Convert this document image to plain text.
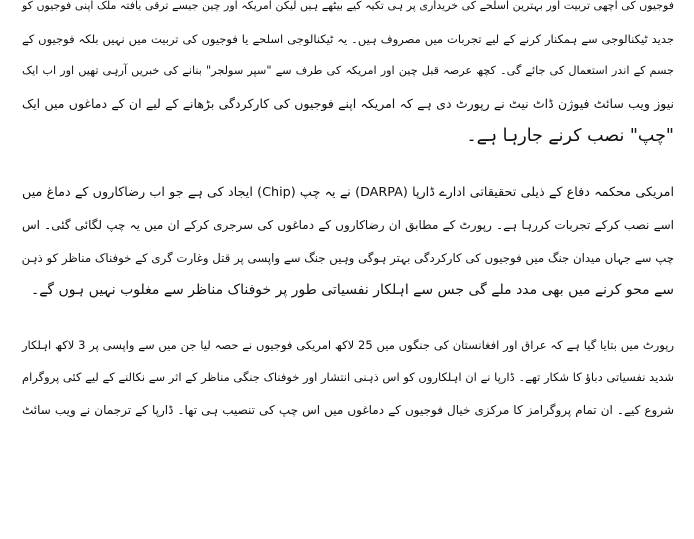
فوجیوں کی اچھی تربیت اور بہترین اسلحے کی خریداری پر ہی تکیہ کیے بیٹھے ہیں لیکن امریکہ اور چین جیسے ترقی یافتہ ملک اپنی فوجیوں کو
جدید ٹیکنالوجی سے ہمکنار کرنے کے لیے تجربات میں مصروف ہیں۔ یہ ٹیکنالوجی اسلحے یا فوجیوں کی تربیت میں نہیں بلکہ فوجیوں کے
جسم کے اندر استعمال کی جائے گی۔ کچھ عرصہ قبل چین اور امریکہ کی طرف سے "سپر سولجر" بنانے کی خبریں آرہی تھیں اور اب ایک
نیوز ویب سائٹ فیوژن ڈاٹ نیٹ نے رپورٹ دی ہے کہ امریکہ اپنے فوجیوں کی کارکردگی بڑھانے کے لیے ان کے دماغوں میں ایک
"چپ" نصب کرنے جارہا ہے۔

امریکی محکمہ دفاع کے ذیلی تحقیقاتی ادارے ڈارپا (DARPA) نے یہ چپ (Chip) ایجاد کی ہے جو اب رضاکاروں کے دماغ میں
اسے نصب کرکے تجربات کررہا ہے۔ رپورٹ کے مطابق ان رضاکاروں کے دماغوں کی سرجری کرکے ان میں یہ چپ لگائی گئی۔ اس
چپ سے جہاں میدان جنگ میں فوجیوں کی کارکردگی بہتر ہوگی وہیں جنگ سے واپسی پر قتل وغارت گری کے خوفناک مناظر کو ذہن
سے محو کرنے میں بھی مدد ملے گی جس سے اہلکار نفسیاتی طور پر خوفناک مناظر سے مغلوب نہیں ہوں گے۔

رپورٹ میں بتایا گیا ہے کہ عراق اور افغانستان کی جنگوں میں 25 لاکھ امریکی فوجیوں نے حصہ لیا جن میں سے واپسی پر 3 لاکھ اہلکار
شدید نفسیاتی دباؤ کا شکار تھے۔ ڈارپا نے ان اہلکاروں کو اس ذہنی انتشار اور خوفناک جنگی مناظر کے اثر سے نکالنے کے لیے کئی پروگرام
شروع کیے۔ ان تمام پروگرامز کا مرکزی خیال فوجیوں کے دماغوں میں اس چپ کی تنصیب ہی تھا۔ ڈارپا کے ترجمان نے ویب سائٹ
